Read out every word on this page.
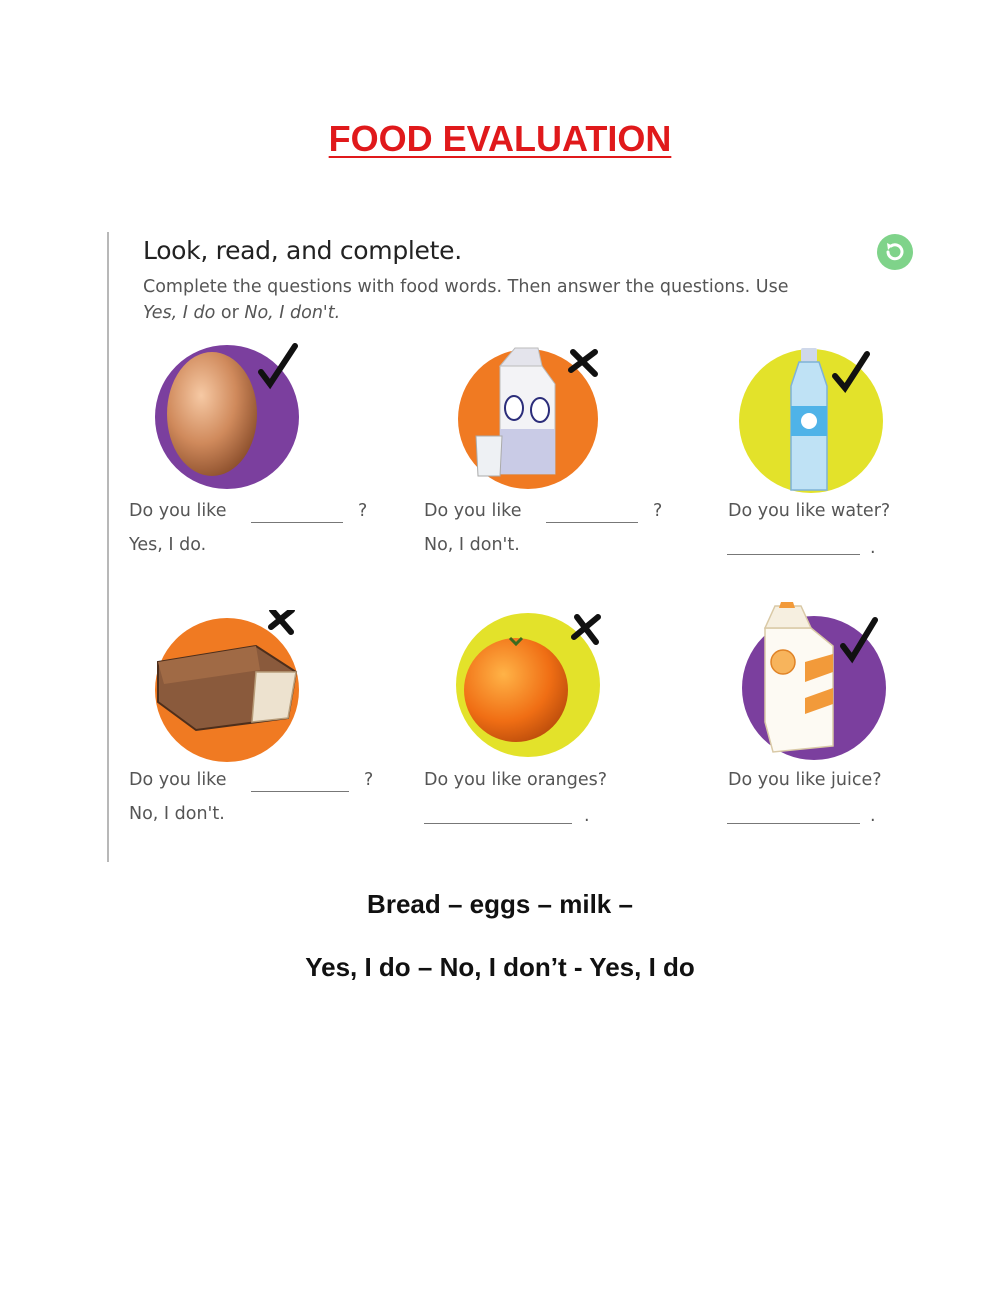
FOOD EVALUATION
Look, read, and complete.
Complete the questions with food words. Then answer the questions. Use
Yes, I do or No, I don't.
Do you like	?
Yes, I do.
Do you like	?
No, I don't.
Do you like water?
.
Do you like	?
No, I don't.
Do you like oranges?
.
Do you like juice?
.
Bread – eggs – milk –
Yes, I do – No, I don’t - Yes, I do
